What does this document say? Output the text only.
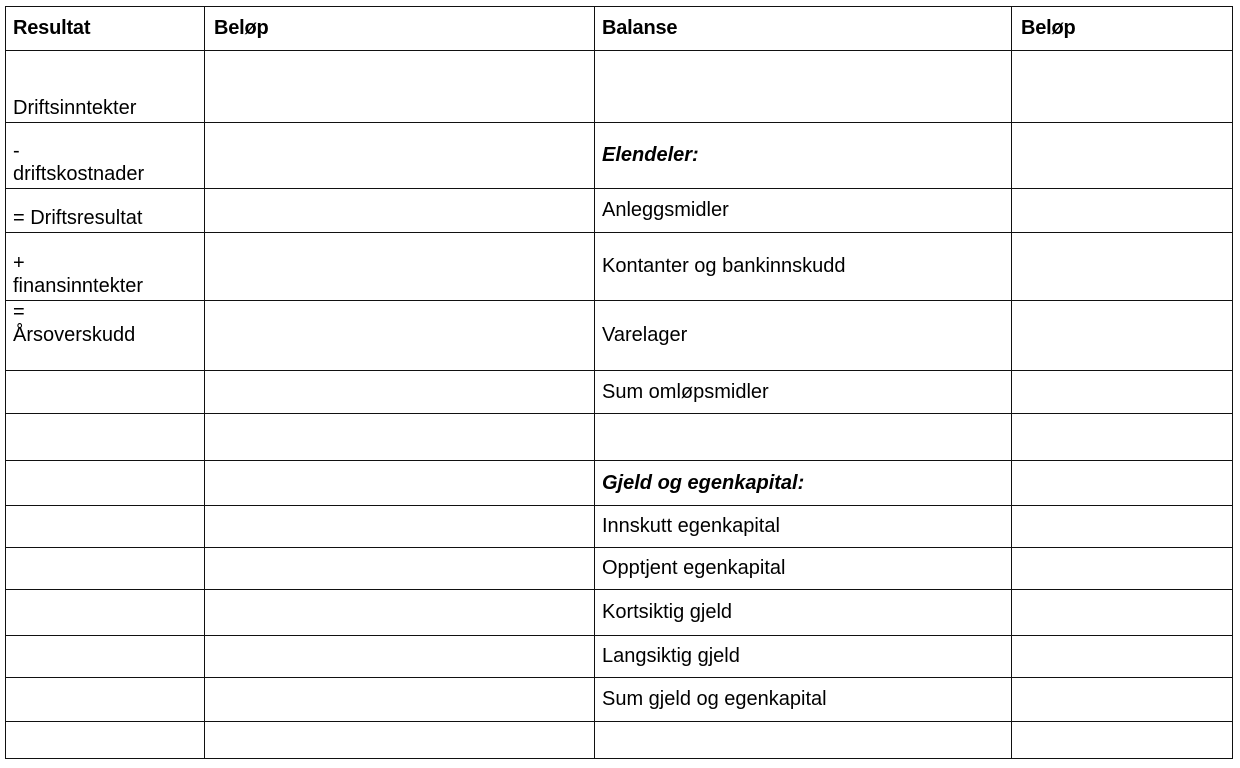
Resultat	Beløp	Balanse	Beløp

Driftsinntekter			

-
driftskostnader		Elendeler:	

= Driftsresultat		Anleggsmidler	

+
finansinntekter		Kontanter og bankinnskudd	

=
Årsoverskudd		Varelager	
		Sum omløpsmidler	

		Gjeld og egenkapital:	
		Innskutt egenkapital	
		Opptjent egenkapital	
		Kortsiktig gjeld	
		Langsiktig gjeld	
		Sum gjeld og egenkapital	
